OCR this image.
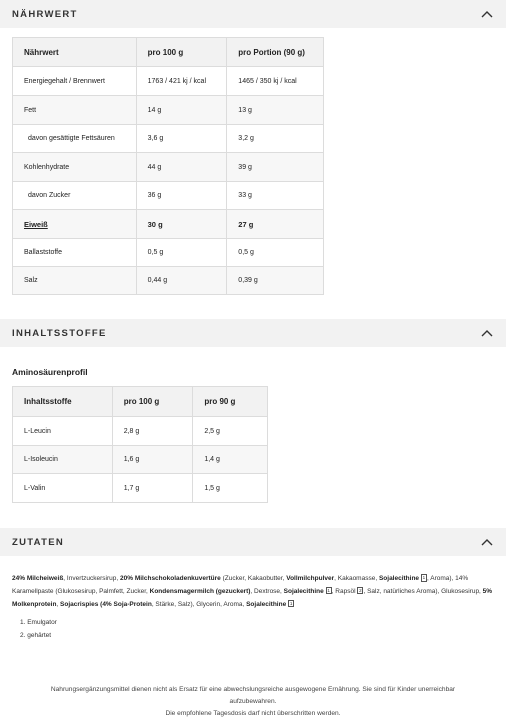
NÄHRWERT
Nährwert	pro 100 g	pro Portion (90 g)
Energiegehalt / Brennwert	1763 / 421 kj / kcal	1465 / 350 kj / kcal
Fett	14 g	13 g
davon gesättigte Fettsäuren	3,6 g	3,2 g
Kohlenhydrate	44 g	39 g
davon Zucker	36 g	33 g
Eiweiß	30 g	27 g
Ballaststoffe	0,5 g	0,5 g
Salz	0,44 g	0,39 g
INHALTSSTOFFE
Aminosäurenprofil
Inhaltsstoffe	pro 100 g	pro 90 g
L-Leucin	2,8 g	2,5 g
L-Isoleucin	1,6 g	1,4 g
L-Valin	1,7 g	1,5 g
ZUTATEN
24% Milcheiweiß, Invertzuckersirup, 20% Milchschokoladenkuvertüre (Zucker, Kakaobutter, Vollmilchpulver, Kakaomasse, Sojalecithine 1 , Aroma), 14% Karamellpaste (Glukosesirup, Palmfett, Zucker, Kondensmagermilch (gezuckert), Dextrose, Sojalecithine 1 , Rapsöl 2 , Salz, natürliches Aroma), Glukosesirup, 5% Molkenprotein, Sojacrispies (4% Soja-Protein, Stärke, Salz), Glycerin, Aroma, Sojalecithine 1
1. Emulgator
2. gehärtet
Nahrungsergänzungsmittel dienen nicht als Ersatz für eine abwechslungsreiche ausgewogene Ernährung. Sie sind für Kinder unerreichbar
aufzubewahren.
Die empfohlene Tagesdosis darf nicht überschritten werden.
